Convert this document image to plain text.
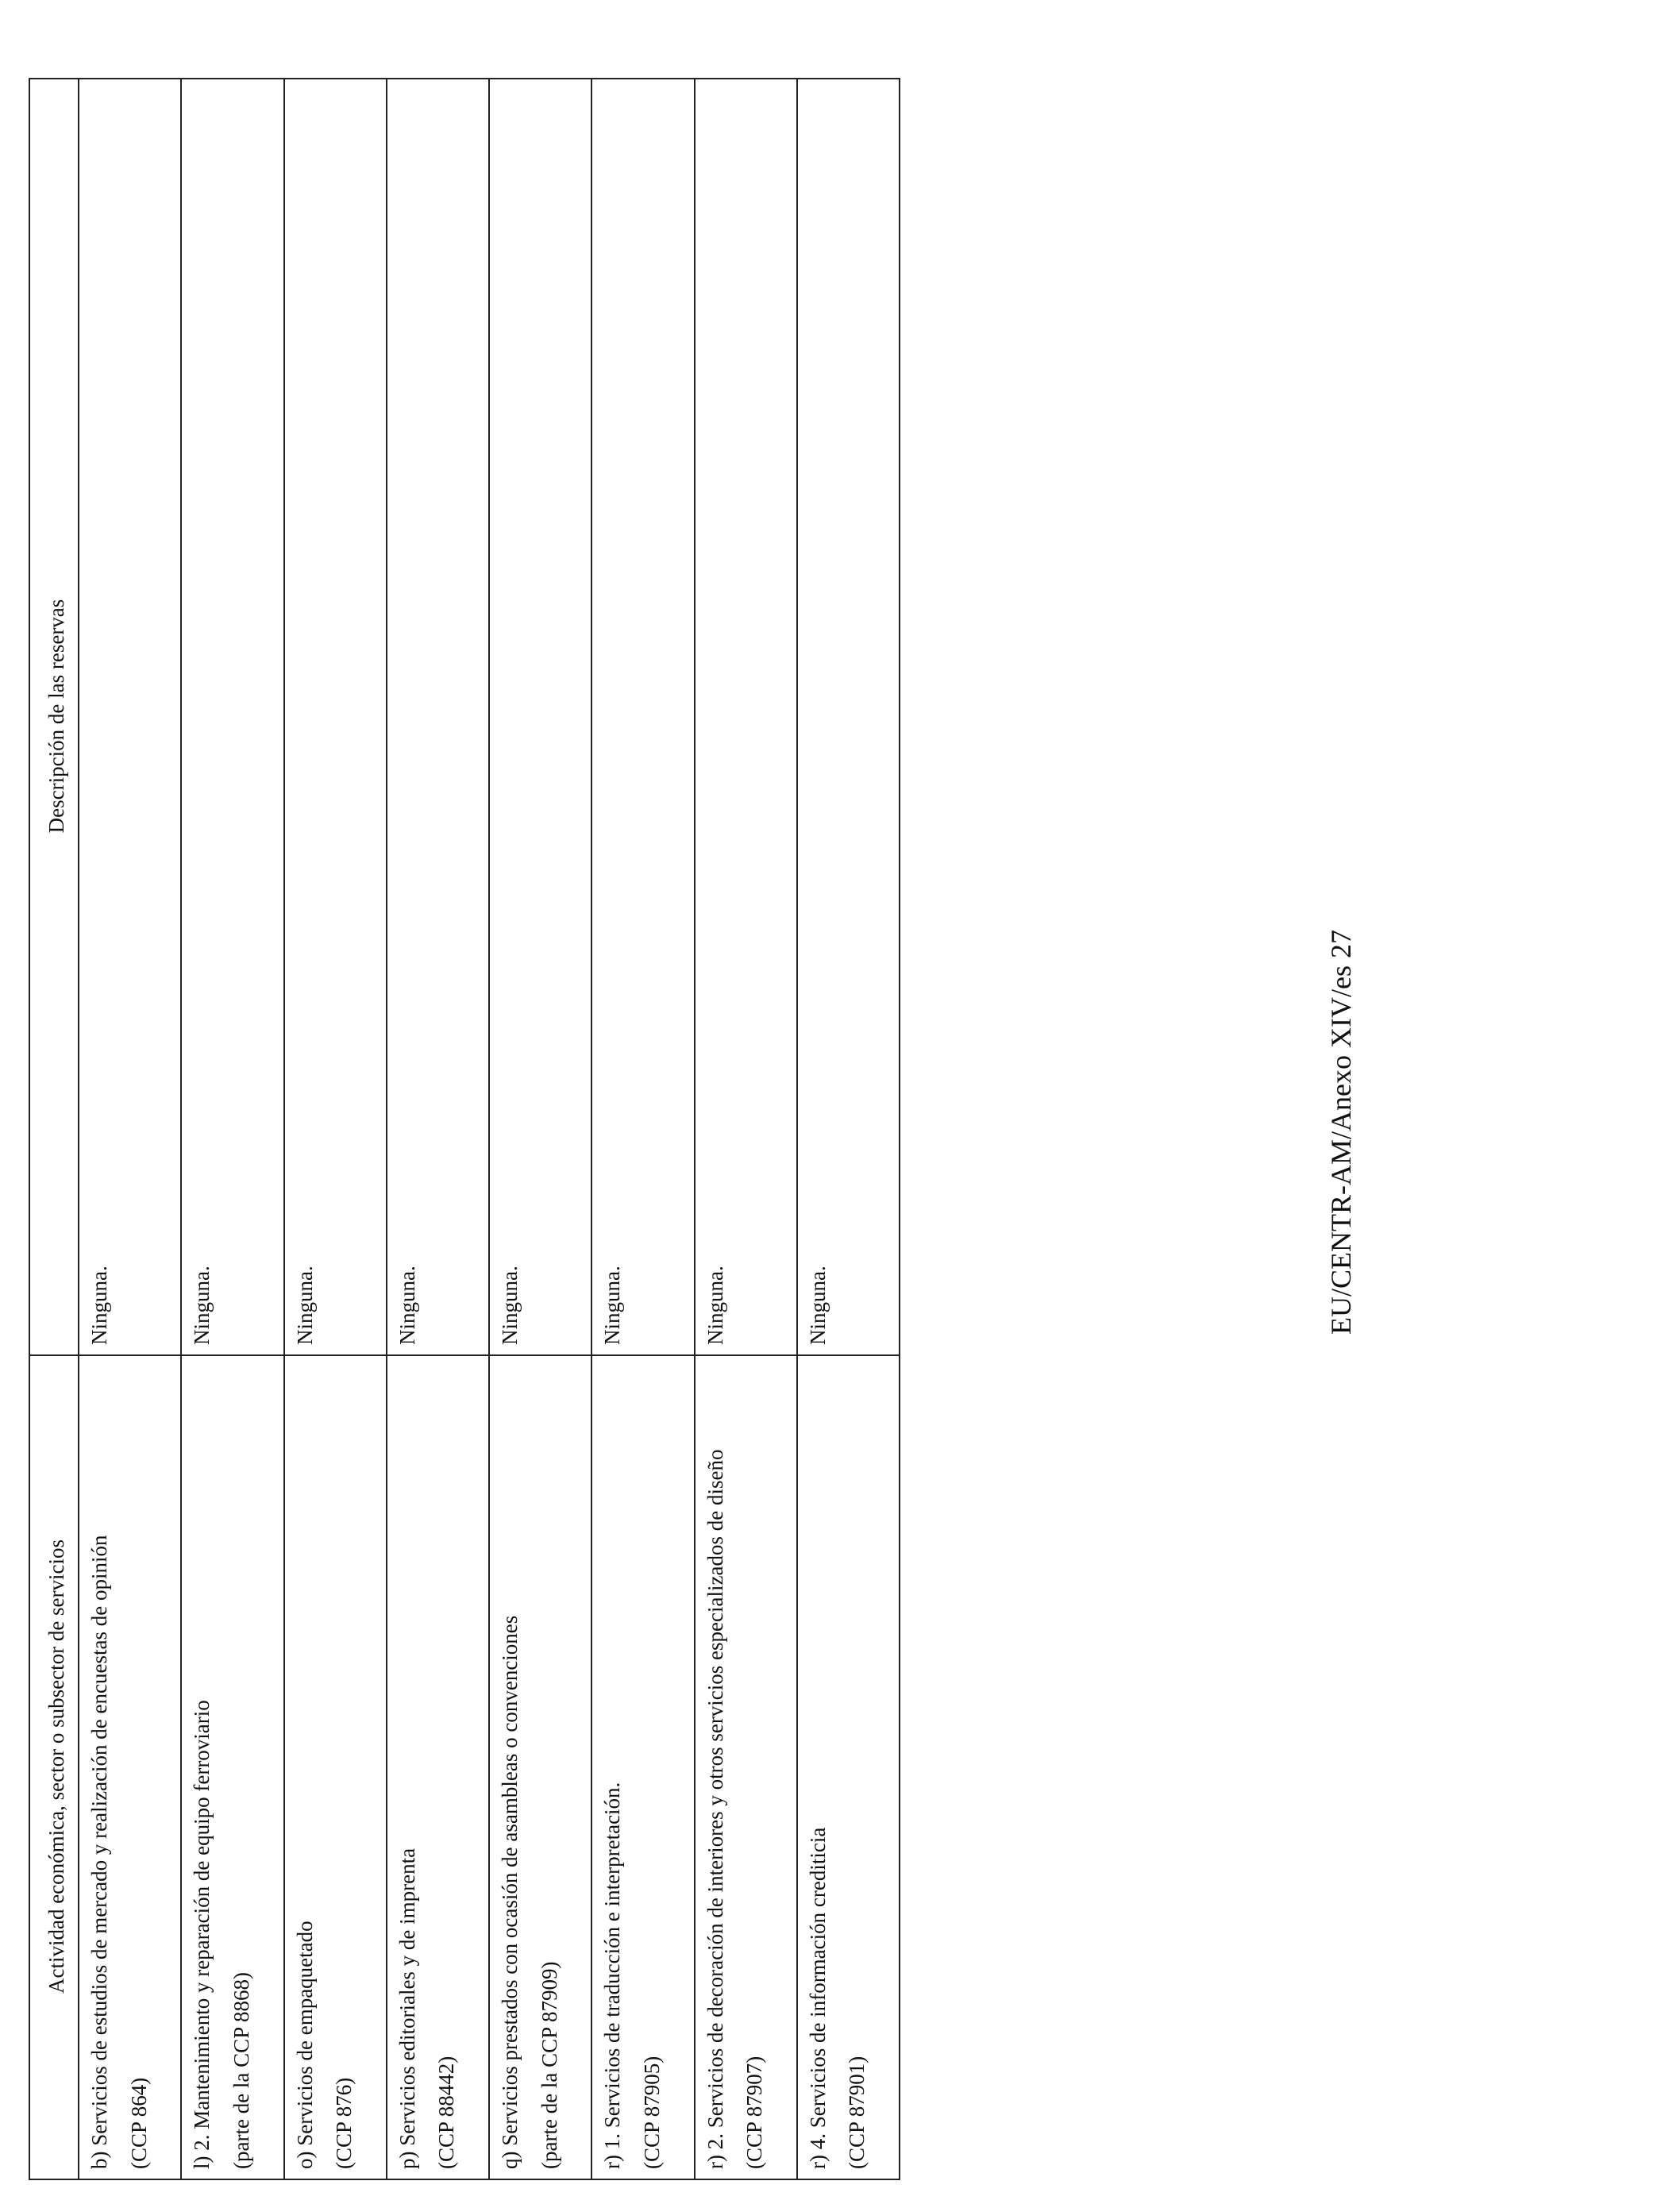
Actividad económica, sector o subsector de servicios	Descripción de las reservas

b) Servicios de estudios de mercado y realización de encuestas de opinión (CCP 864)	Ninguna.

l) 2. Mantenimiento y reparación de equipo ferroviario (parte de la CCP 8868)	Ninguna.

o) Servicios de empaquetado (CCP 876)	Ninguna.

p) Servicios editoriales y de imprenta (CCP 88442)	Ninguna.

q) Servicios prestados con ocasión de asambleas o convenciones (parte de la CCP 87909)	Ninguna.

r) 1. Servicios de traducción e interpretación. (CCP 87905)	Ninguna.

r) 2. Servicios de decoración de interiores y otros servicios especializados de diseño (CCP 87907)	Ninguna.

r) 4. Servicios de información crediticia (CCP 87901)	Ninguna.	EU/CENTR-AM/Anexo XIV/es 27
